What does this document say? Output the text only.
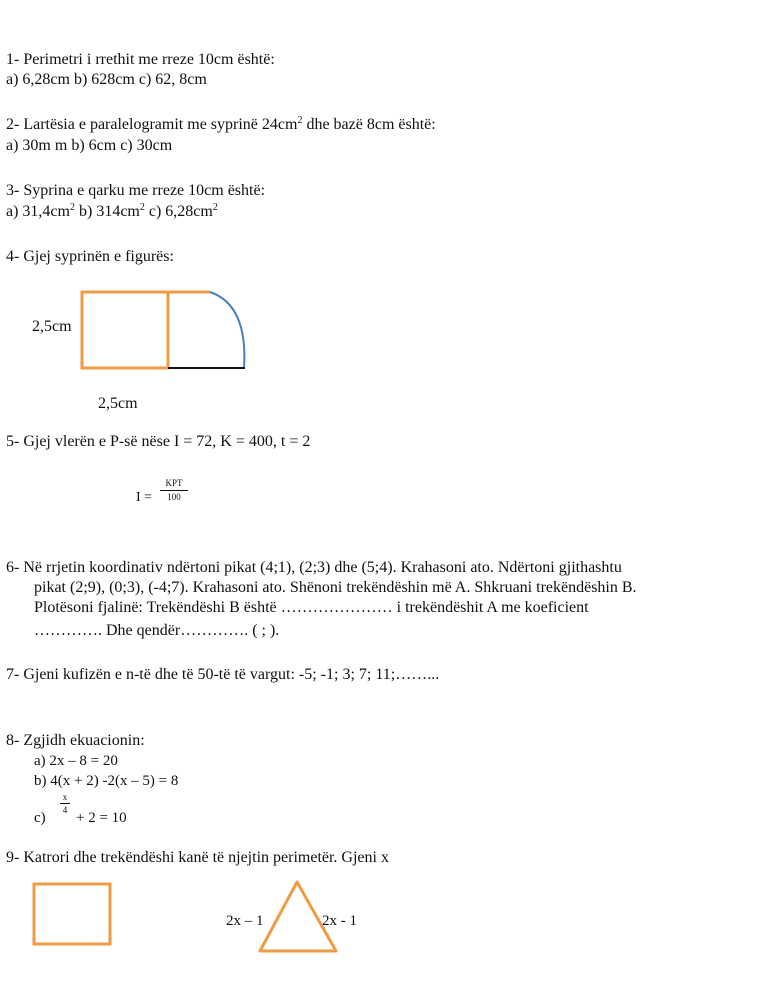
1- Perimetri i rrethit me rreze 10cm është:
a) 6,28cm b) 628cm c) 62, 8cm
2- Lartësia e paralelogramit me syprinë $24cm^2$ dhe bazë 8cm është:
a) 30m m b) 6cm c) 30cm
3- Syprina e qarku me rreze 10cm është:
a) $31,4cm^2$ b) $314cm^2$ c) $6,28cm^2$
4- Gjej syprinën e figurës:
2,5cm
2,5cm
5- Gjej vlerën e P-së nëse I = 72, K = 400, t = 2
I =
KPT
100
6- Në rrjetin koordinativ ndërtoni pikat (4;1), (2;3) dhe (5;4). Krahasoni ato. Ndërtoni gjithashtu
pikat (2;9), (0;3), (-4;7). Krahasoni ato. Shënoni trekëndëshin më A. Shkruani trekëndëshin B.
Plotësoni fjalinë: Trekëndëshi B është ………………… i trekëndëshit A me koeficient
…………. Dhe qendër…………. ( ; ).
7- Gjeni kufizën e n-të dhe të 50-të të vargut: -5; -1; 3; 7; 11;……...
8- Zgjidh ekuacionin:
a) 2x – 8 = 20
b) 4(x + 2) -2(x – 5) = 8
c)
x
4 + 2 = 10
9- Katrori dhe trekëndëshi kanë të njejtin perimetër. Gjeni x
2x – 1	2x - 1
